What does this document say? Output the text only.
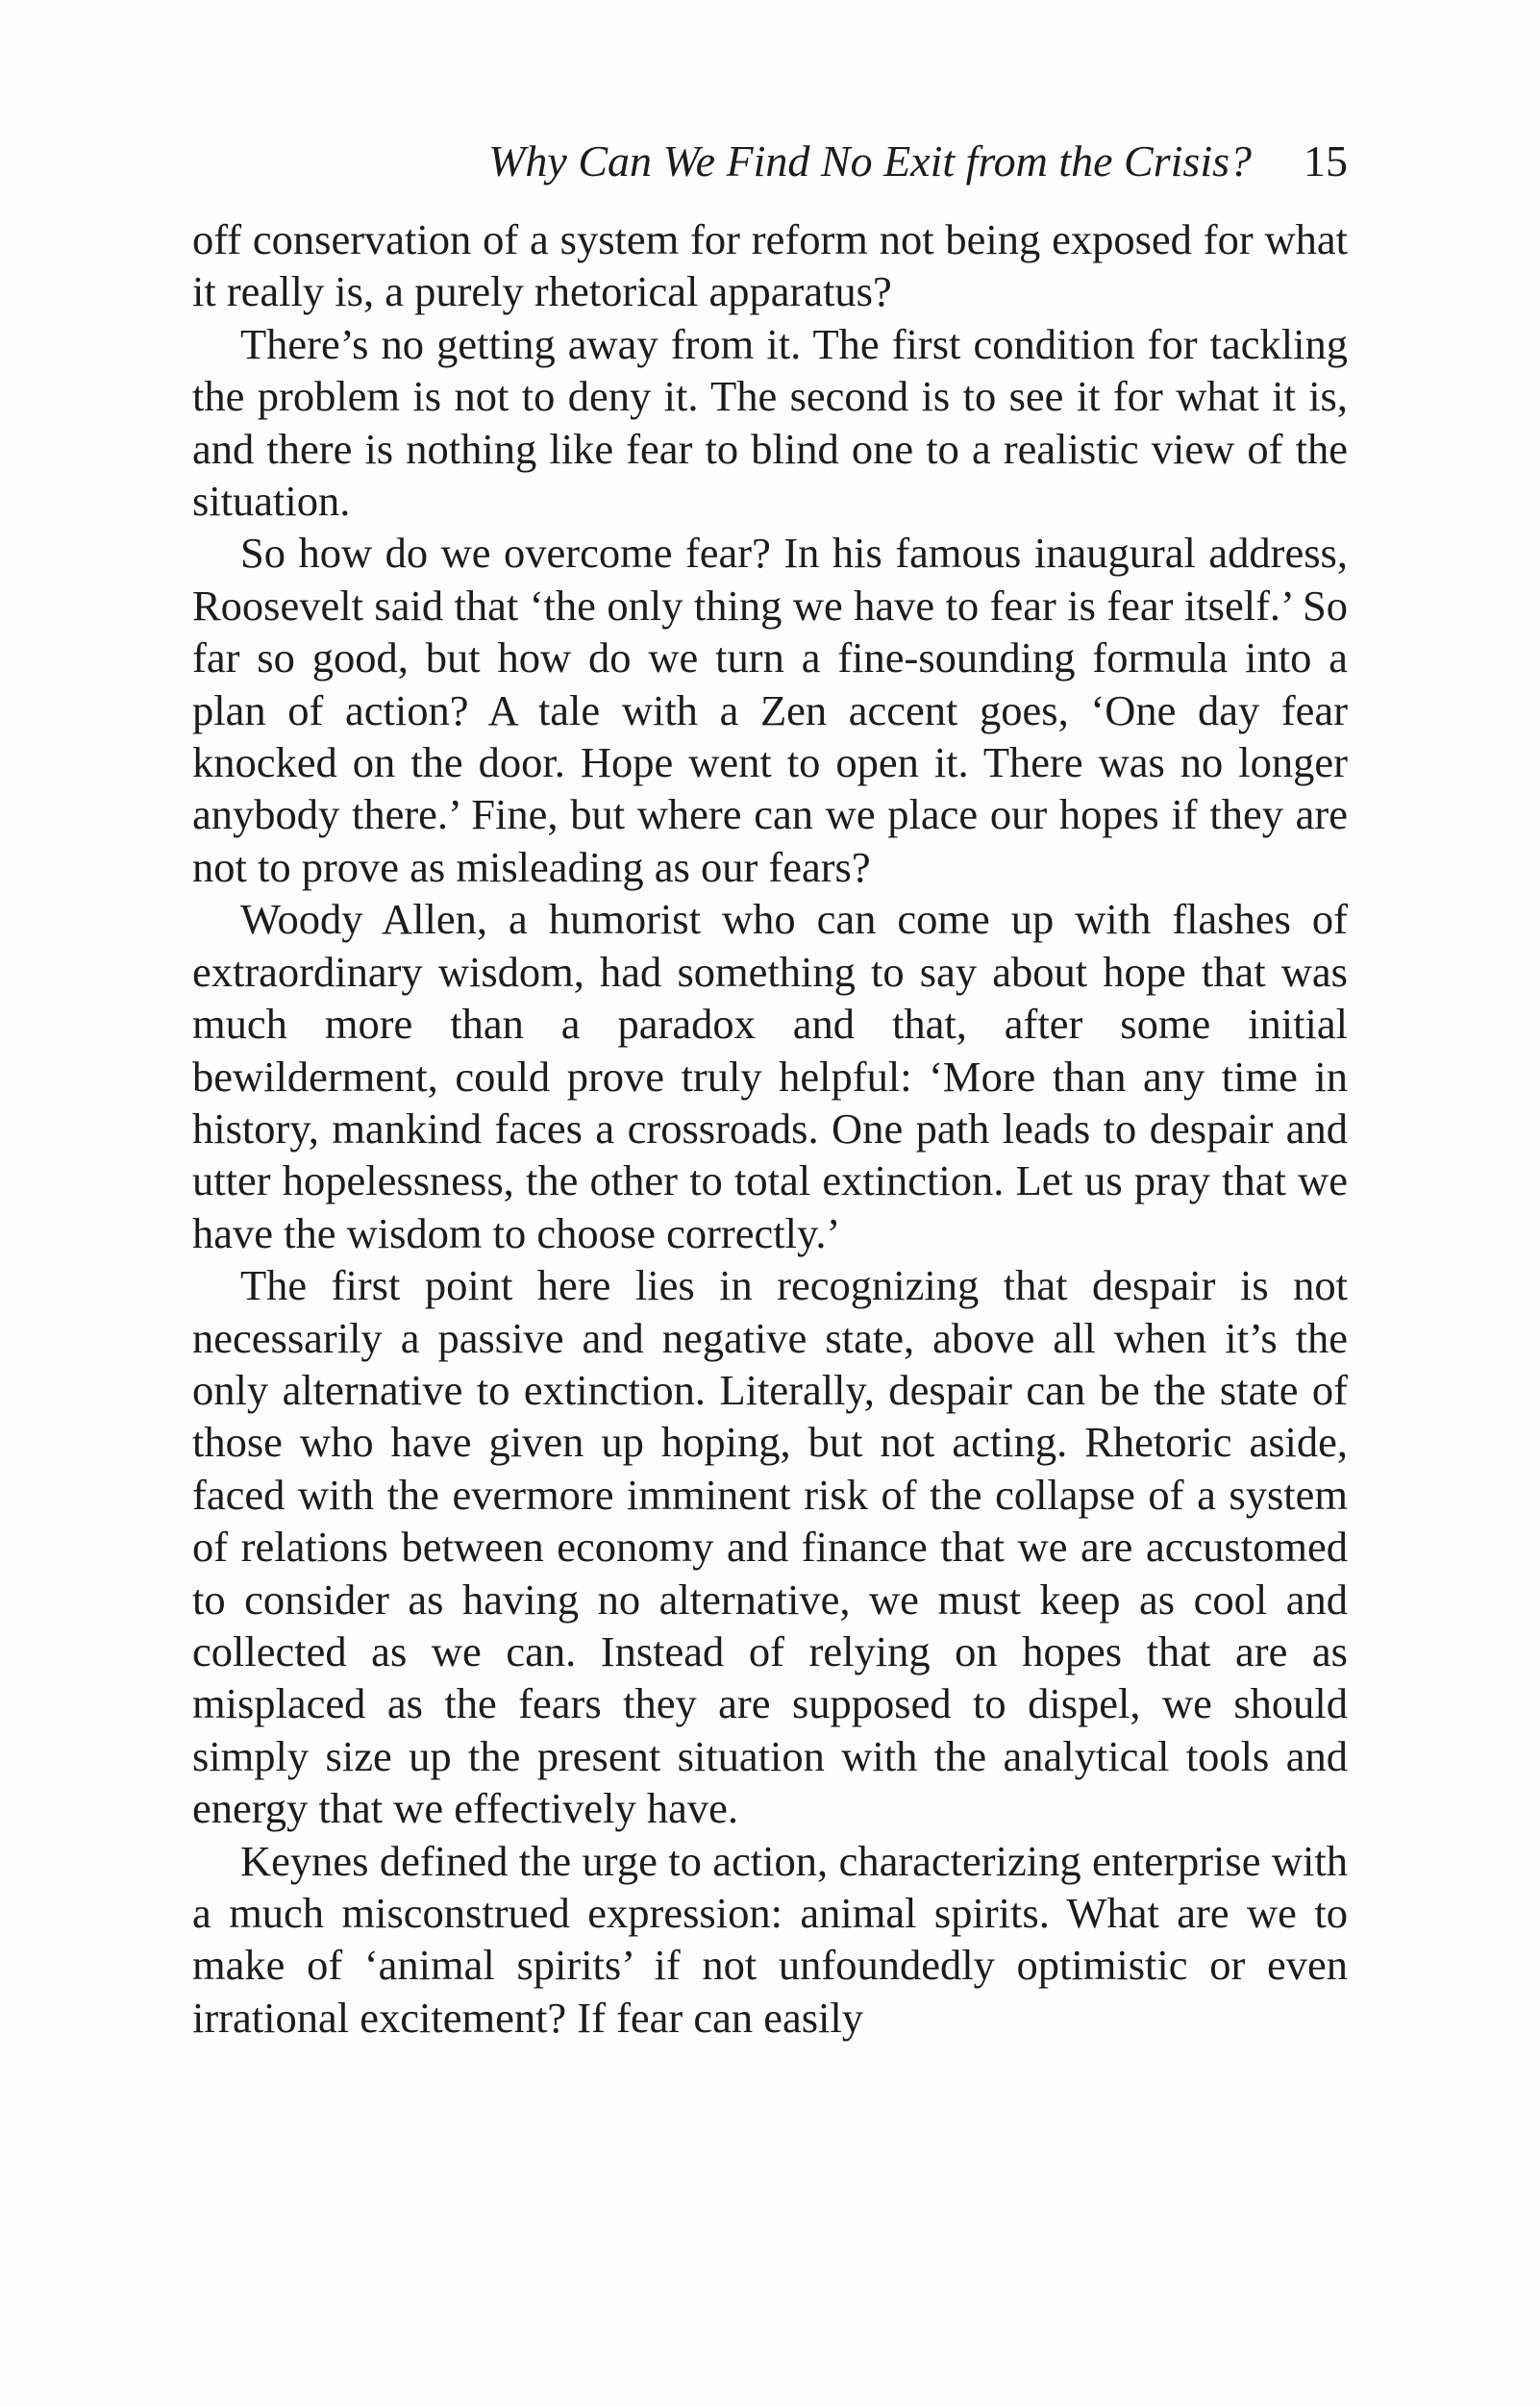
Why Can We Find No Exit from the Crisis? 15

off conservation of a system for reform not being exposed for what it really is, a purely rhetorical apparatus?

There’s no getting away from it. The first condition for tackling the problem is not to deny it. The second is to see it for what it is, and there is nothing like fear to blind one to a realistic view of the situation.

So how do we overcome fear? In his famous inaugural address, Roosevelt said that ‘the only thing we have to fear is fear itself.’ So far so good, but how do we turn a fine-sounding formula into a plan of action? A tale with a Zen accent goes, ‘One day fear knocked on the door. Hope went to open it. There was no longer anybody there.’ Fine, but where can we place our hopes if they are not to prove as misleading as our fears?

Woody Allen, a humorist who can come up with flashes of extraordinary wisdom, had something to say about hope that was much more than a paradox and that, after some initial bewilderment, could prove truly helpful: ‘More than any time in history, mankind faces a crossroads. One path leads to despair and utter hopelessness, the other to total extinction. Let us pray that we have the wisdom to choose correctly.’

The first point here lies in recognizing that despair is not necessarily a passive and negative state, above all when it’s the only alternative to extinction. Literally, despair can be the state of those who have given up hoping, but not acting. Rhetoric aside, faced with the evermore imminent risk of the collapse of a system of relations between economy and finance that we are accustomed to consider as having no alternative, we must keep as cool and collected as we can. Instead of relying on hopes that are as misplaced as the fears they are supposed to dispel, we should simply size up the present situation with the analytical tools and energy that we effectively have.

Keynes defined the urge to action, characterizing enterprise with a much misconstrued expression: animal spirits. What are we to make of ‘animal spirits’ if not unfoundedly optimistic or even irrational excitement? If fear can easily
